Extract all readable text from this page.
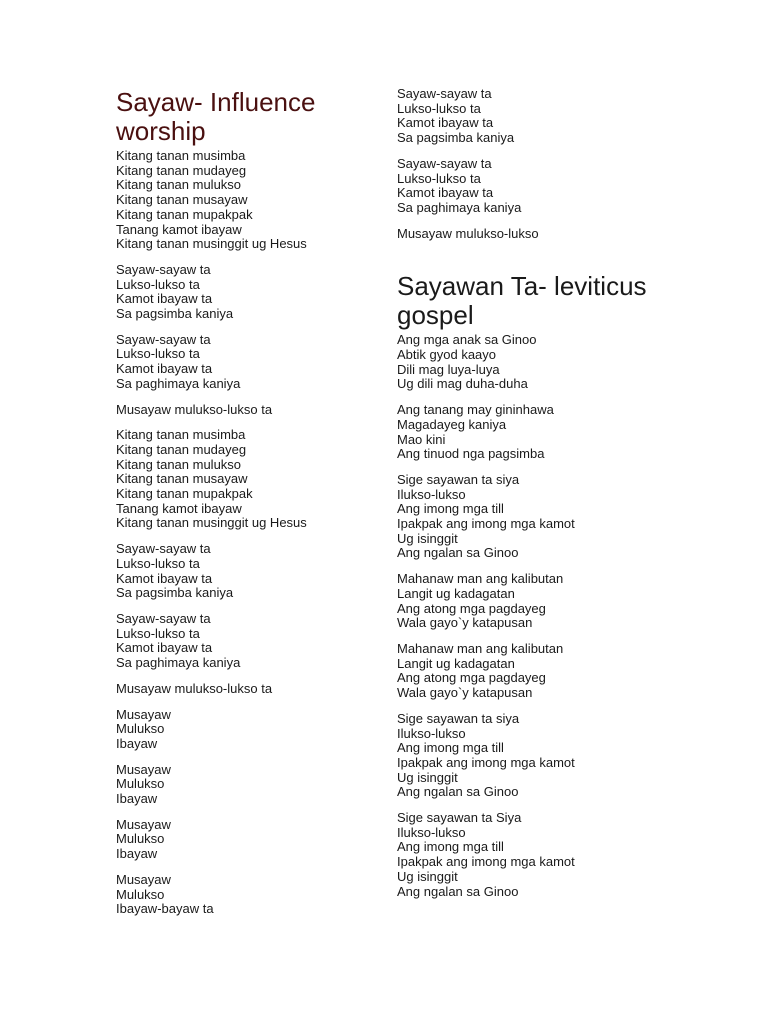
Sayaw- Influence worship
Kitang tanan musimba
Kitang tanan mudayeg
Kitang tanan mulukso
Kitang tanan musayaw
Kitang tanan mupakpak
Tanang kamot ibayaw
Kitang tanan musinggit ug Hesus
Sayaw-sayaw ta
Lukso-lukso ta
Kamot ibayaw ta
Sa pagsimba kaniya
Sayaw-sayaw ta
Lukso-lukso ta
Kamot ibayaw ta
Sa paghimaya kaniya
Musayaw mulukso-lukso ta
Kitang tanan musimba
Kitang tanan mudayeg
Kitang tanan mulukso
Kitang tanan musayaw
Kitang tanan mupakpak
Tanang kamot ibayaw
Kitang tanan musinggit ug Hesus
Sayaw-sayaw ta
Lukso-lukso ta
Kamot ibayaw ta
Sa pagsimba kaniya
Sayaw-sayaw ta
Lukso-lukso ta
Kamot ibayaw ta
Sa paghimaya kaniya
Musayaw mulukso-lukso ta
Musayaw
Mulukso
Ibayaw
Musayaw
Mulukso
Ibayaw
Musayaw
Mulukso
Ibayaw
Musayaw
Mulukso
Ibayaw-bayaw ta
Sayaw-sayaw ta
Lukso-lukso ta
Kamot ibayaw ta
Sa pagsimba kaniya
Sayaw-sayaw ta
Lukso-lukso ta
Kamot ibayaw ta
Sa paghimaya kaniya
Musayaw mulukso-lukso
Sayawan Ta- leviticus gospel
Ang mga anak sa Ginoo
Abtik gyod kaayo
Dili mag luya-luya
Ug dili mag duha-duha
Ang tanang may gininhawa
Magadayeg kaniya
Mao kini
Ang tinuod nga pagsimba
Sige sayawan ta siya
Ilukso-lukso
Ang imong mga till
Ipakpak ang imong mga kamot
Ug isinggit
Ang ngalan sa Ginoo
Mahanaw man ang kalibutan
Langit ug kadagatan
Ang atong mga pagdayeg
Wala gayo`y katapusan
Mahanaw man ang kalibutan
Langit ug kadagatan
Ang atong mga pagdayeg
Wala gayo`y katapusan
Sige sayawan ta siya
Ilukso-lukso
Ang imong mga till
Ipakpak ang imong mga kamot
Ug isinggit
Ang ngalan sa Ginoo
Sige sayawan ta Siya
Ilukso-lukso
Ang imong mga till
Ipakpak ang imong mga kamot
Ug isinggit
Ang ngalan sa Ginoo
